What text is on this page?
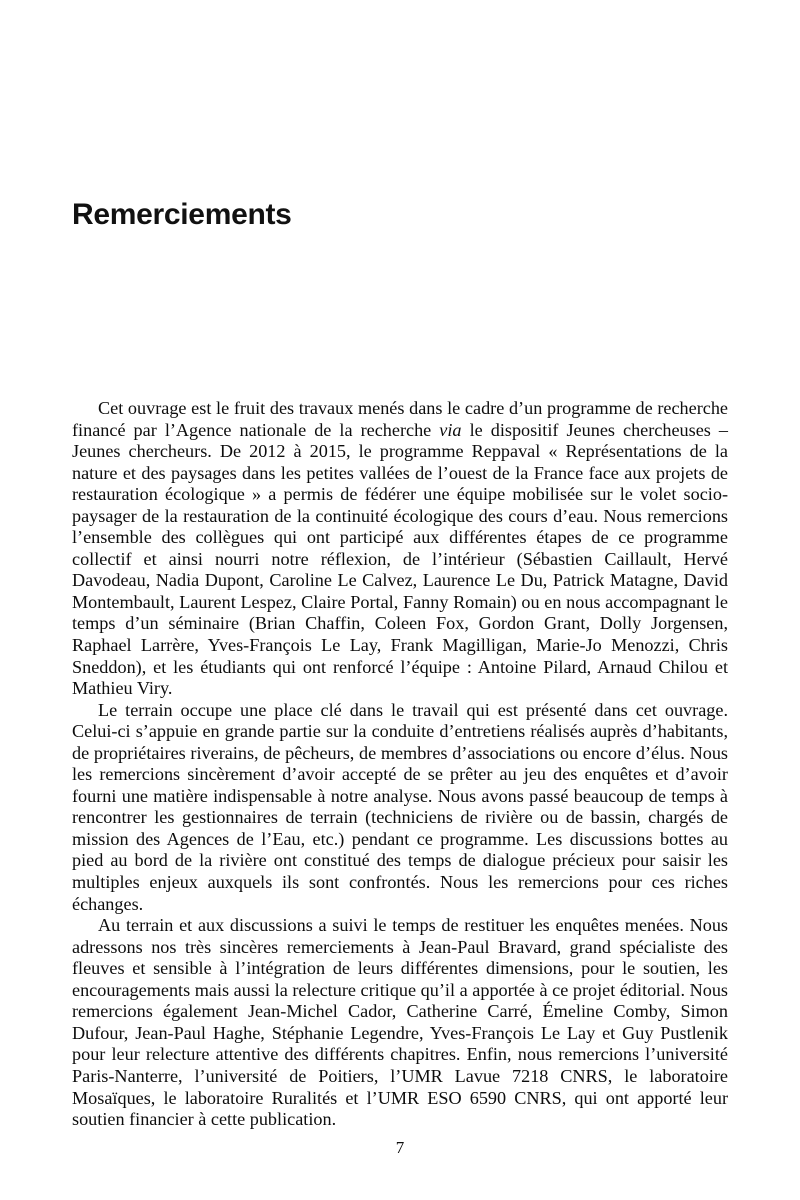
Remerciements

Cet ouvrage est le fruit des travaux menés dans le cadre d’un programme de recherche financé par l’Agence nationale de la recherche via le dispositif Jeunes chercheuses – Jeunes chercheurs. De 2012 à 2015, le programme Reppaval « Représentations de la nature et des paysages dans les petites vallées de l’ouest de la France face aux projets de restauration écologique » a permis de fédérer une équipe mobilisée sur le volet socio-paysager de la restauration de la continuité écologique des cours d’eau. Nous remercions l’ensemble des collègues qui ont participé aux différentes étapes de ce programme collectif et ainsi nourri notre réflexion, de l’intérieur (Sébastien Caillault, Hervé Davodeau, Nadia Dupont, Caroline Le Calvez, Laurence Le Du, Patrick Matagne, David Montembault, Laurent Lespez, Claire Portal, Fanny Romain) ou en nous accompagnant le temps d’un séminaire (Brian Chaffin, Coleen Fox, Gordon Grant, Dolly Jorgensen, Raphael Larrère, Yves-François Le Lay, Frank Magilligan, Marie-Jo Menozzi, Chris Sneddon), et les étudiants qui ont renforcé l’équipe : Antoine Pilard, Arnaud Chilou et Mathieu Viry.

Le terrain occupe une place clé dans le travail qui est présenté dans cet ouvrage. Celui-ci s’appuie en grande partie sur la conduite d’entretiens réalisés auprès d’habitants, de propriétaires riverains, de pêcheurs, de membres d’associations ou encore d’élus. Nous les remercions sincèrement d’avoir accepté de se prêter au jeu des enquêtes et d’avoir fourni une matière indispensable à notre analyse. Nous avons passé beaucoup de temps à rencontrer les gestionnaires de terrain (techniciens de rivière ou de bassin, chargés de mission des Agences de l’Eau, etc.) pendant ce programme. Les discussions bottes au pied au bord de la rivière ont constitué des temps de dialogue précieux pour saisir les multiples enjeux auxquels ils sont confrontés. Nous les remercions pour ces riches échanges.

Au terrain et aux discussions a suivi le temps de restituer les enquêtes menées. Nous adressons nos très sincères remerciements à Jean-Paul Bravard, grand spécialiste des fleuves et sensible à l’intégration de leurs différentes dimensions, pour le soutien, les encouragements mais aussi la relecture critique qu’il a apportée à ce projet éditorial. Nous remercions également Jean-Michel Cador, Catherine Carré, Émeline Comby, Simon Dufour, Jean-Paul Haghe, Stéphanie Legendre, Yves-François Le Lay et Guy Pustlenik pour leur relecture attentive des différents chapitres. Enfin, nous remercions l’université Paris-Nanterre, l’université de Poitiers, l’UMR Lavue 7218 CNRS, le laboratoire Mosaïques, le laboratoire Ruralités et l’UMR ESO 6590 CNRS, qui ont apporté leur soutien financier à cette publication.

7
